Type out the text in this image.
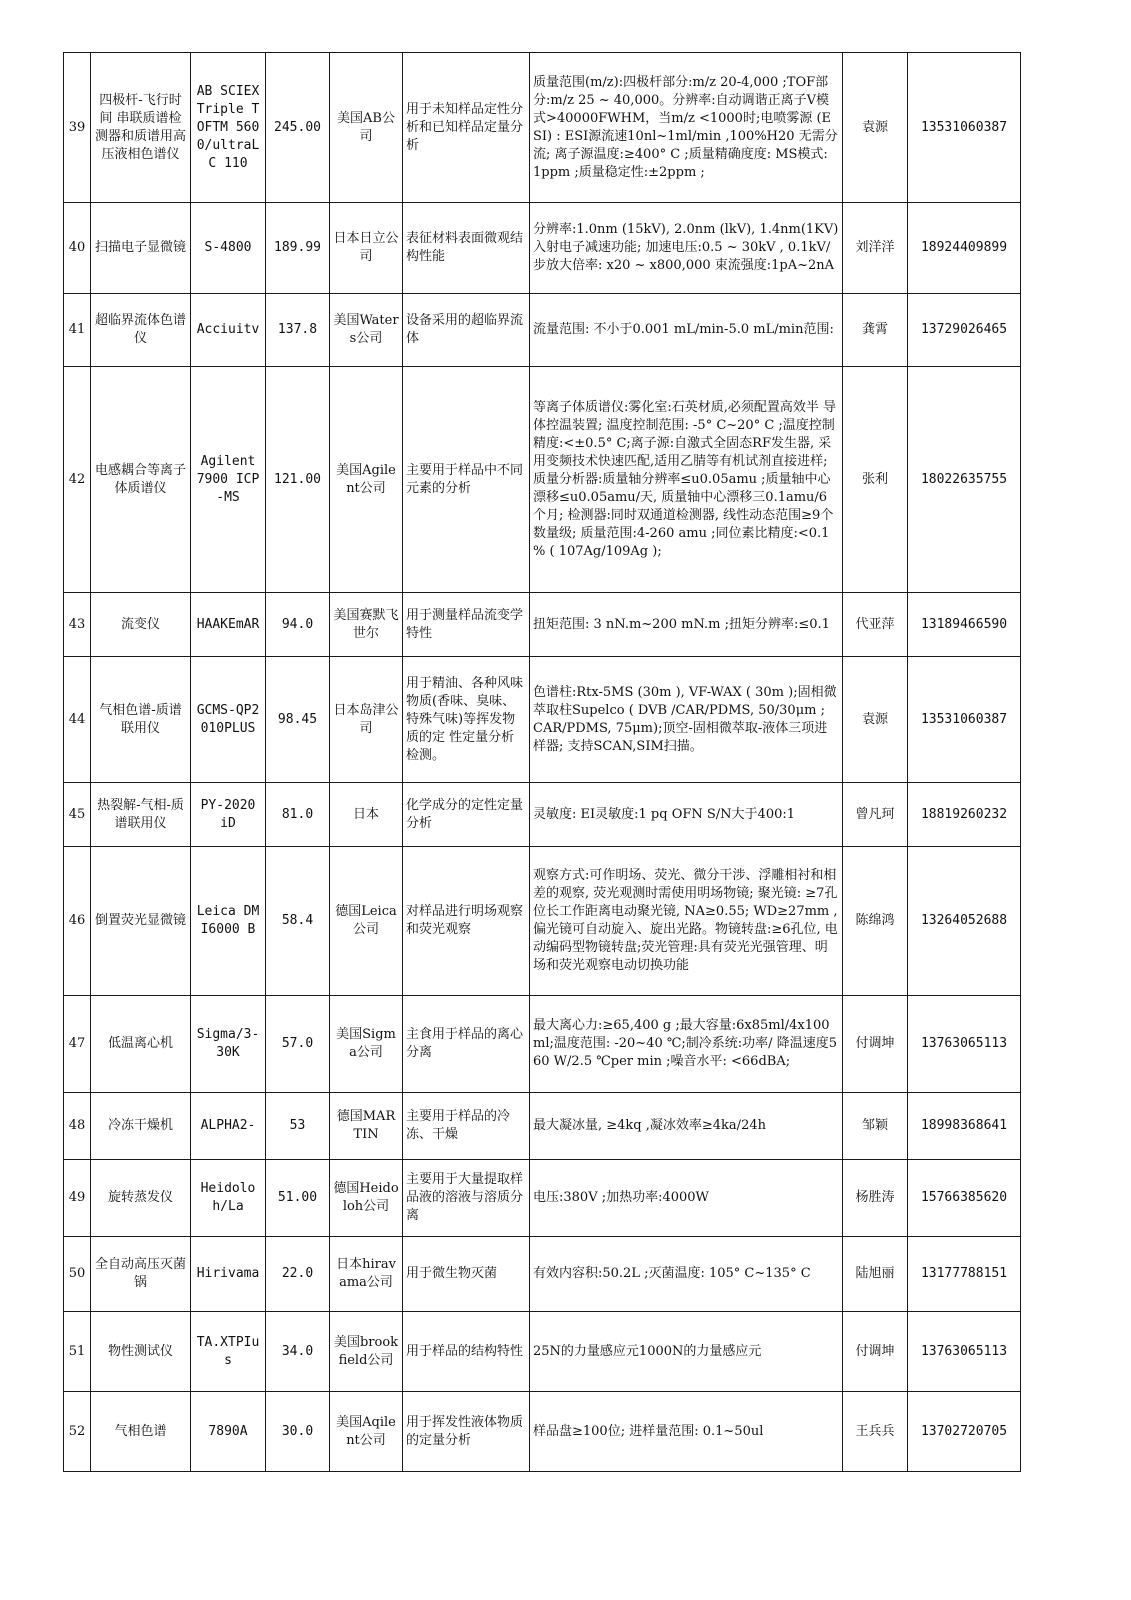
39	四极杆-飞行时间 串联质谱检测器和质谱用高压液相色谱仪	AB SCIEX Triple TOFTM 5600/ultraL C 110	245.00	美国AB公司	用于未知样品定性分析和已知样品定量分析	质量范围(m/z):四极杆部分:m/z 20-4,000 ;TOF部分:m/z 25 ~ 40,000。分辨率:自动调谐正离子V模式>40000FWHM，当m/z <1000时;电喷雾源 (ESI) : ESI源流速10nl~1ml/min ,100%H20 无需分流; 离子源温度:≥400° C ;质量精确度度: MS模式: 1ppm ;质量稳定性:±2ppm ;	袁源	13531060387
40	扫描电子显微镜	S-4800	189.99	日本日立公司	表征材料表面微观结构性能	分辨率:1.0nm (15kV), 2.0nm (lkV), 1.4nm(1KV) 入射电子减速功能; 加速电压:0.5 ~ 30kV , 0.1kV/步放大倍率: x20 ~ x800,000 束流强度:1pA~2nA	刘洋洋	18924409899
41	超临界流体色谱仪	Acciuitv	137.8	美国Waters公司	设备采用的超临界流体	流量范围: 不小于0.001 mL/min-5.0 mL/min范围:	龚霄	13729026465
42	电感耦合等离子体质谱仪	Agilent 7900 ICP-MS	121.00	美国Agilent公司	主要用于样品中不同元素的分析	等离子体质谱仪:雾化室:石英材质,必须配置高效半 导体控温装置; 温度控制范围: -5° C~20° C ;温度控制精度:<±0.5° C;离子源:自激式全固态RF发生器, 采用变频技术快速匹配,适用乙腈等有机试剂直接进样; 质量分析器:质量轴分辨率≤u0.05amu ;质量轴中心漂移≤u0.05amu/天, 质量轴中心漂移三0.1amu/6个月; 检测器:同时双通道检测器, 线性动态范围≥9个数量级; 质量范围:4-260 amu ;同位素比精度:<0.1 % ( 107Ag/109Ag );	张利	18022635755
43	流变仪	HAAKEmAR	94.0	美国赛默飞世尔	用于测量样品流变学特性	扭矩范围: 3 nN.m~200 mN.m ;扭矩分辨率:≤0.1	代亚萍	13189466590
44	气相色谱-质谱联用仪	GCMS-QP2010PLUS	98.45	日本岛津公司	用于精油、各种风味物质(香味、臭味、特殊气味)等挥发物质的定 性定量分析检测。	色谱柱:Rtx-5MS (30m ), VF-WAX ( 30m );固相微萃取柱Supelco ( DVB /CAR/PDMS, 50/30μm ; CAR/PDMS, 75μm);顶空-固相微萃取-液体三项进样器; 支持SCAN,SIM扫描。	袁源	13531060387
45	热裂解-气相-质谱联用仪	PY-2020 iD	81.0	日本	化学成分的定性定量分析	灵敏度: EI灵敏度:1 pq OFN S/N大于400:1	曾凡珂	18819260232
46	倒置荧光显微镜	Leica DMI6000 B	58.4	德国Leica公司	对样品进行明场观察和荧光观察	观察方式:可作明场、荧光、微分干涉、浮雕相衬和相差的观察, 荧光观测时需使用明场物镜; 聚光镜: ≥7孔位长工作距离电动聚光镜, NA≥0.55; WD≥27mm ,偏光镜可自动旋入、旋出光路。物镜转盘:≥6孔位, 电动编码型物镜转盘;荧光管理:具有荧光光强管理、明场和荧光观察电动切换功能	陈绵鸿	13264052688
47	低温离心机	Sigma/3-30K	57.0	美国Sigma公司	主食用于样品的离心分离	最大离心力:≥65,400 g ;最大容量:6x85ml/4x100ml;温度范围: -20~40 ℃;制冷系统:功率/ 降温速度560 W/2.5 ℃per min ;噪音水平: <66dBA;	付调坤	13763065113
48	冷冻干燥机	ALPHA2-	53	德国MARTIN	主要用于样品的冷冻、干燥	最大凝冰量, ≥4kq ,凝冰效率≥4ka/24h	邹颖	18998368641
49	旋转蒸发仪	Heidoloh/La	51.00	德国Heidoloh公司	主要用于大量提取样品液的溶液与溶质分离	电压:380V ;加热功率:4000W	杨胜涛	15766385620
50	全自动高压灭菌锅	Hirivama	22.0	日本hiravama公司	用于微生物灭菌	有效内容积:50.2L ;灭菌温度: 105° C~135° C	陆旭丽	13177788151
51	物性测试仪	TA.XTPIus	34.0	美国brookfield公司	用于样品的结构特性	25N的力量感应元1000N的力量感应元	付调坤	13763065113
52	气相色谱	7890A	30.0	美国Aqilent公司	用于挥发性液体物质的定量分析	样品盘≥100位; 进样量范围: 0.1~50ul	王兵兵	13702720705
